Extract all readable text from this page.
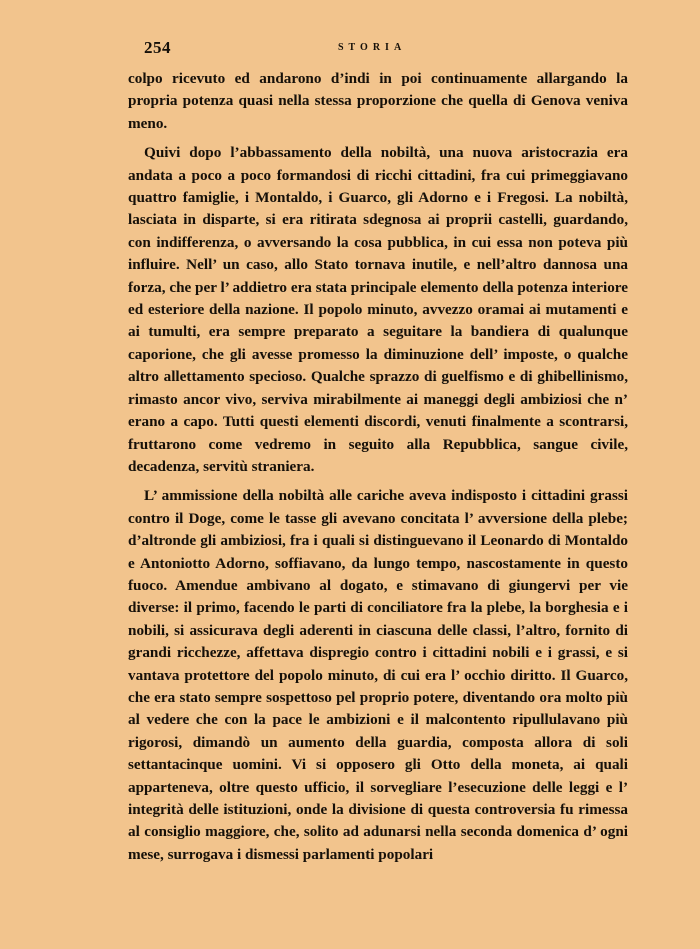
254	STORIA

colpo ricevuto ed andarono d’indi in poi continuamente allargando la propria potenza quasi nella stessa proporzione che quella di Genova veniva meno.

Quivi dopo l’abbassamento della nobiltà, una nuova aristocrazia era andata a poco a poco formandosi di ricchi cittadini, fra cui primeggiavano quattro famiglie, i Montaldo, i Guarco, gli Adorno e i Fregosi. La nobiltà, lasciata in disparte, si era ritirata sdegnosa ai proprii castelli, guardando, con indifferenza, o avversando la cosa pubblica, in cui essa non poteva più influire. Nell’ un caso, allo Stato tornava inutile, e nell’altro dannosa una forza, che per l’ addietro era stata principale elemento della potenza interiore ed esteriore della nazione. Il popolo minuto, avvezzo oramai ai mutamenti e ai tumulti, era sempre preparato a seguitare la bandiera di qualunque caporione, che gli avesse promesso la diminuzione dell’ imposte, o qualche altro allettamento specioso. Qualche sprazzo di guelfismo e di ghibellinismo, rimasto ancor vivo, serviva mirabilmente ai maneggi degli ambiziosi che n’ erano a capo. Tutti questi elementi discordi, venuti finalmente a scontrarsi, fruttarono come vedremo in seguito alla Repubblica, sangue civile, decadenza, servitù straniera.

L’ ammissione della nobiltà alle cariche aveva indisposto i cittadini grassi contro il Doge, come le tasse gli avevano concitata l’ avversione della plebe; d’altronde gli ambiziosi, fra i quali si distinguevano il Leonardo di Montaldo e Antoniotto Adorno, soffiavano, da lungo tempo, nascostamente in questo fuoco. Amendue ambivano al dogato, e stimavano di giungervi per vie diverse: il primo, facendo le parti di conciliatore fra la plebe, la borghesia e i nobili, si assicurava degli aderenti in ciascuna delle classi, l’altro, fornito di grandi ricchezze, affettava dispregio contro i cittadini nobili e i grassi, e si vantava protettore del popolo minuto, di cui era l’ occhio diritto. Il Guarco, che era stato sempre sospettoso pel proprio potere, diventando ora molto più al vedere che con la pace le ambizioni e il malcontento ripullulavano più rigorosi, dimandò un aumento della guardia, composta allora di soli settantacinque uomini. Vi si opposero gli Otto della moneta, ai quali apparteneva, oltre questo ufficio, il sorvegliare l’esecuzione delle leggi e l’ integrità delle istituzioni, onde la divisione di questa controversia fu rimessa al consiglio maggiore, che, solito ad adunarsi nella seconda domenica d’ ogni mese, surrogava i dismessi parlamenti popolari
